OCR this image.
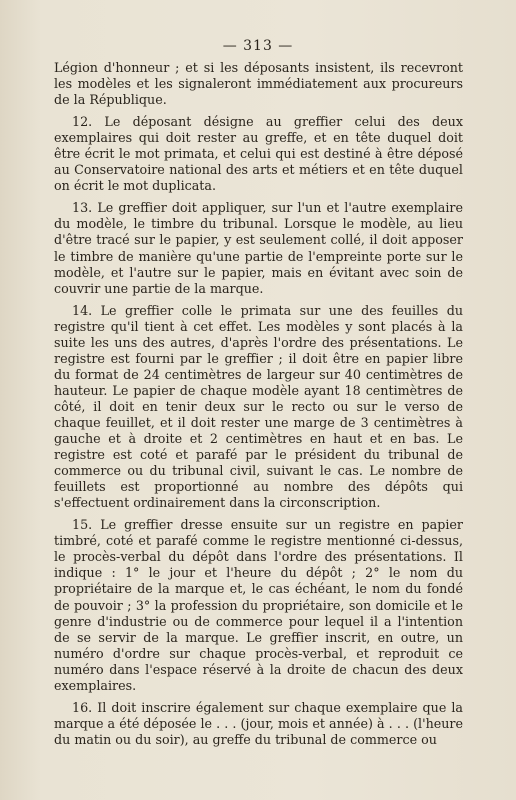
— 313 —

Légion d'honneur ; et si les déposants insistent, ils recevront les modèles et les signaleront immédiatement aux procureurs de la République.

12. Le déposant désigne au greffier celui des deux exemplaires qui doit rester au greffe, et en tête duquel doit être écrit le mot primata, et celui qui est destiné à être déposé au Conservatoire national des arts et métiers et en tête duquel on écrit le mot duplicata.

13. Le greffier doit appliquer, sur l'un et l'autre exemplaire du modèle, le timbre du tribunal. Lorsque le modèle, au lieu d'être tracé sur le papier, y est seulement collé, il doit apposer le timbre de manière qu'une partie de l'empreinte porte sur le modèle, et l'autre sur le papier, mais en évitant avec soin de couvrir une partie de la marque.

14. Le greffier colle le primata sur une des feuilles du registre qu'il tient à cet effet. Les modèles y sont placés à la suite les uns des autres, d'après l'ordre des présentations. Le registre est fourni par le greffier ; il doit être en papier libre du format de 24 centimètres de largeur sur 40 centimètres de hauteur. Le papier de chaque modèle ayant 18 centimètres de côté, il doit en tenir deux sur le recto ou sur le verso de chaque feuillet, et il doit rester une marge de 3 centimètres à gauche et à droite et 2 centimètres en haut et en bas. Le registre est coté et parafé par le président du tribunal de commerce ou du tribunal civil, suivant le cas. Le nombre de feuillets est proportionné au nombre des dépôts qui s'effectuent ordinairement dans la circonscription.

15. Le greffier dresse ensuite sur un registre en papier timbré, coté et parafé comme le registre mentionné ci-dessus, le procès-verbal du dépôt dans l'ordre des présentations. Il indique : 1° le jour et l'heure du dépôt ; 2° le nom du propriétaire de la marque et, le cas échéant, le nom du fondé de pouvoir ; 3° la profession du propriétaire, son domicile et le genre d'industrie ou de commerce pour lequel il a l'intention de se servir de la marque. Le greffier inscrit, en outre, un numéro d'ordre sur chaque procès-verbal, et reproduit ce numéro dans l'espace réservé à la droite de chacun des deux exemplaires.

16. Il doit inscrire également sur chaque exemplaire que la marque a été déposée le . . . (jour, mois et année) à . . . (l'heure du matin ou du soir), au greffe du tribunal de commerce ou
